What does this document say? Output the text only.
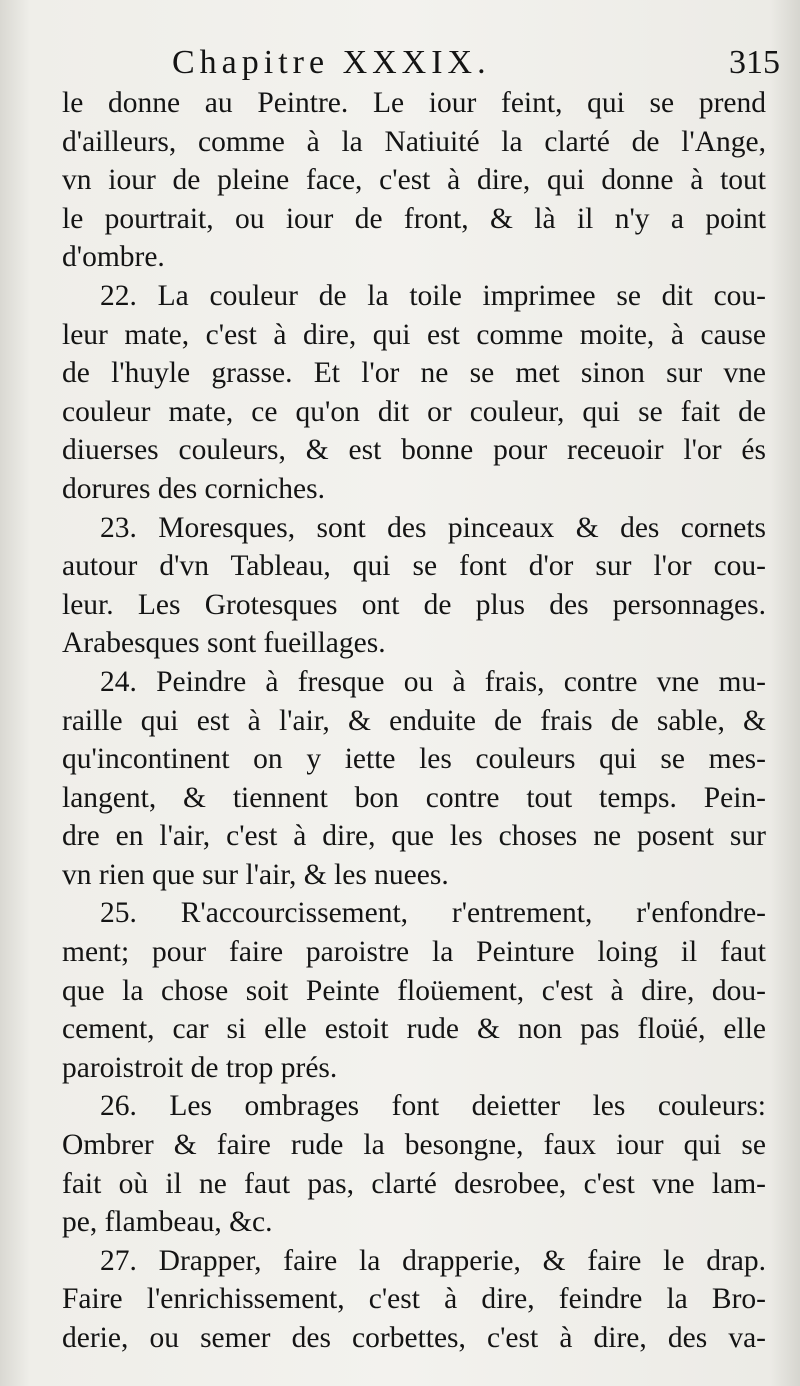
Chapitre XXXIX.	315
le donne au Peintre. Le iour feint, qui se prend
d'ailleurs, comme à la Natiuité la clarté de l'Ange,
vn iour de pleine face, c'est à dire, qui donne à tout
le pourtrait, ou iour de front, & là il n'y a point
d'ombre.
22. La couleur de la toile imprimee se dit cou-
leur mate, c'est à dire, qui est comme moite, à cause
de l'huyle grasse. Et l'or ne se met sinon sur vne
couleur mate, ce qu'on dit or couleur, qui se fait de
diuerses couleurs, & est bonne pour receuoir l'or és
dorures des corniches.
23. Moresques, sont des pinceaux & des cornets
autour d'vn Tableau, qui se font d'or sur l'or cou-
leur. Les Grotesques ont de plus des personnages.
Arabesques sont fueillages.
24. Peindre à fresque ou à frais, contre vne mu-
raille qui est à l'air, & enduite de frais de sable, &
qu'incontinent on y iette les couleurs qui se mes-
langent, & tiennent bon contre tout temps. Pein-
dre en l'air, c'est à dire, que les choses ne posent sur
vn rien que sur l'air, & les nuees.
25. R'accourcissement, r'entrement, r'enfondre-
ment; pour faire paroistre la Peinture loing il faut
que la chose soit Peinte floüement, c'est à dire, dou-
cement, car si elle estoit rude & non pas floüé, elle
paroistroit de trop prés.
26. Les ombrages font deietter les couleurs:
Ombrer & faire rude la besongne, faux iour qui se
fait où il ne faut pas, clarté desrobee, c'est vne lam-
pe, flambeau, &c.
27. Drapper, faire la drapperie, & faire le drap.
Faire l'enrichissement, c'est à dire, feindre la Bro-
derie, ou semer des corbettes, c'est à dire, des va-
